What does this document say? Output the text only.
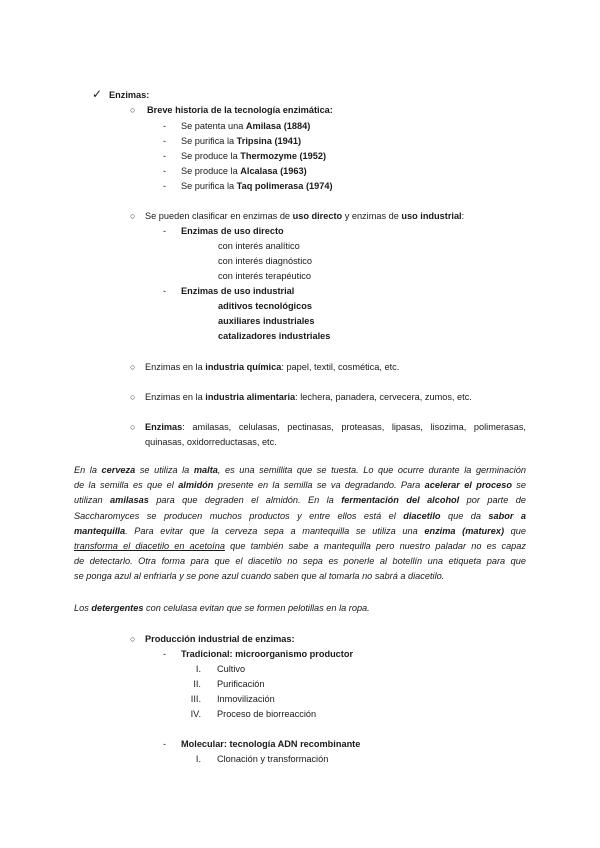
✓ Enzimas:
○ Breve historia de la tecnología enzimática:
- Se patenta una Amilasa (1884)
- Se purifica la Tripsina (1941)
- Se produce la Thermozyme (1952)
- Se produce la Alcalasa (1963)
- Se purifica la Taq polimerasa (1974)
○ Se pueden clasificar en enzimas de uso directo y enzimas de uso industrial:
- Enzimas de uso directo
con interés analítico
con interés diagnóstico
con interés terapéutico
- Enzimas de uso industrial
aditivos tecnológicos
auxiliares industriales
catalizadores industriales
○ Enzimas en la industria química: papel, textil, cosmética, etc.
○ Enzimas en la industria alimentaria: lechera, panadera, cervecera, zumos, etc.
○ Enzimas: amilasas, celulasas, pectinasas, proteasas, lipasas, lisozima, polimerasas,
quinasas, oxidorreductasas, etc.
En la cerveza se utiliza la malta, es una semillita que se tuesta. Lo que ocurre durante la germinación
de la semilla es que el almidón presente en la semilla se va degradando. Para acelerar el proceso se
utilizan amilasas para que degraden el almidón. En la fermentación del alcohol por parte de
Saccharomyces se producen muchos productos y entre ellos está el diacetilo que da sabor a
mantequilla. Para evitar que la cerveza sepa a mantequilla se utiliza una enzima (maturex) que
transforma el diacetilo en acetoína que también sabe a mantequilla pero nuestro paladar no es capaz
de detectarlo. Otra forma para que el diacetilo no sepa es ponerle al botellín una etiqueta para que
se ponga azul al enfriarla y se pone azul cuando saben que al tomarla no sabrá a diacetilo.
Los detergentes con celulasa evitan que se formen pelotillas en la ropa.
○ Producción industrial de enzimas:
- Tradicional: microorganismo productor
I. Cultivo
II. Purificación
III. Inmovilización
IV. Proceso de biorreacción
- Molecular: tecnología ADN recombinante
I. Clonación y transformación
